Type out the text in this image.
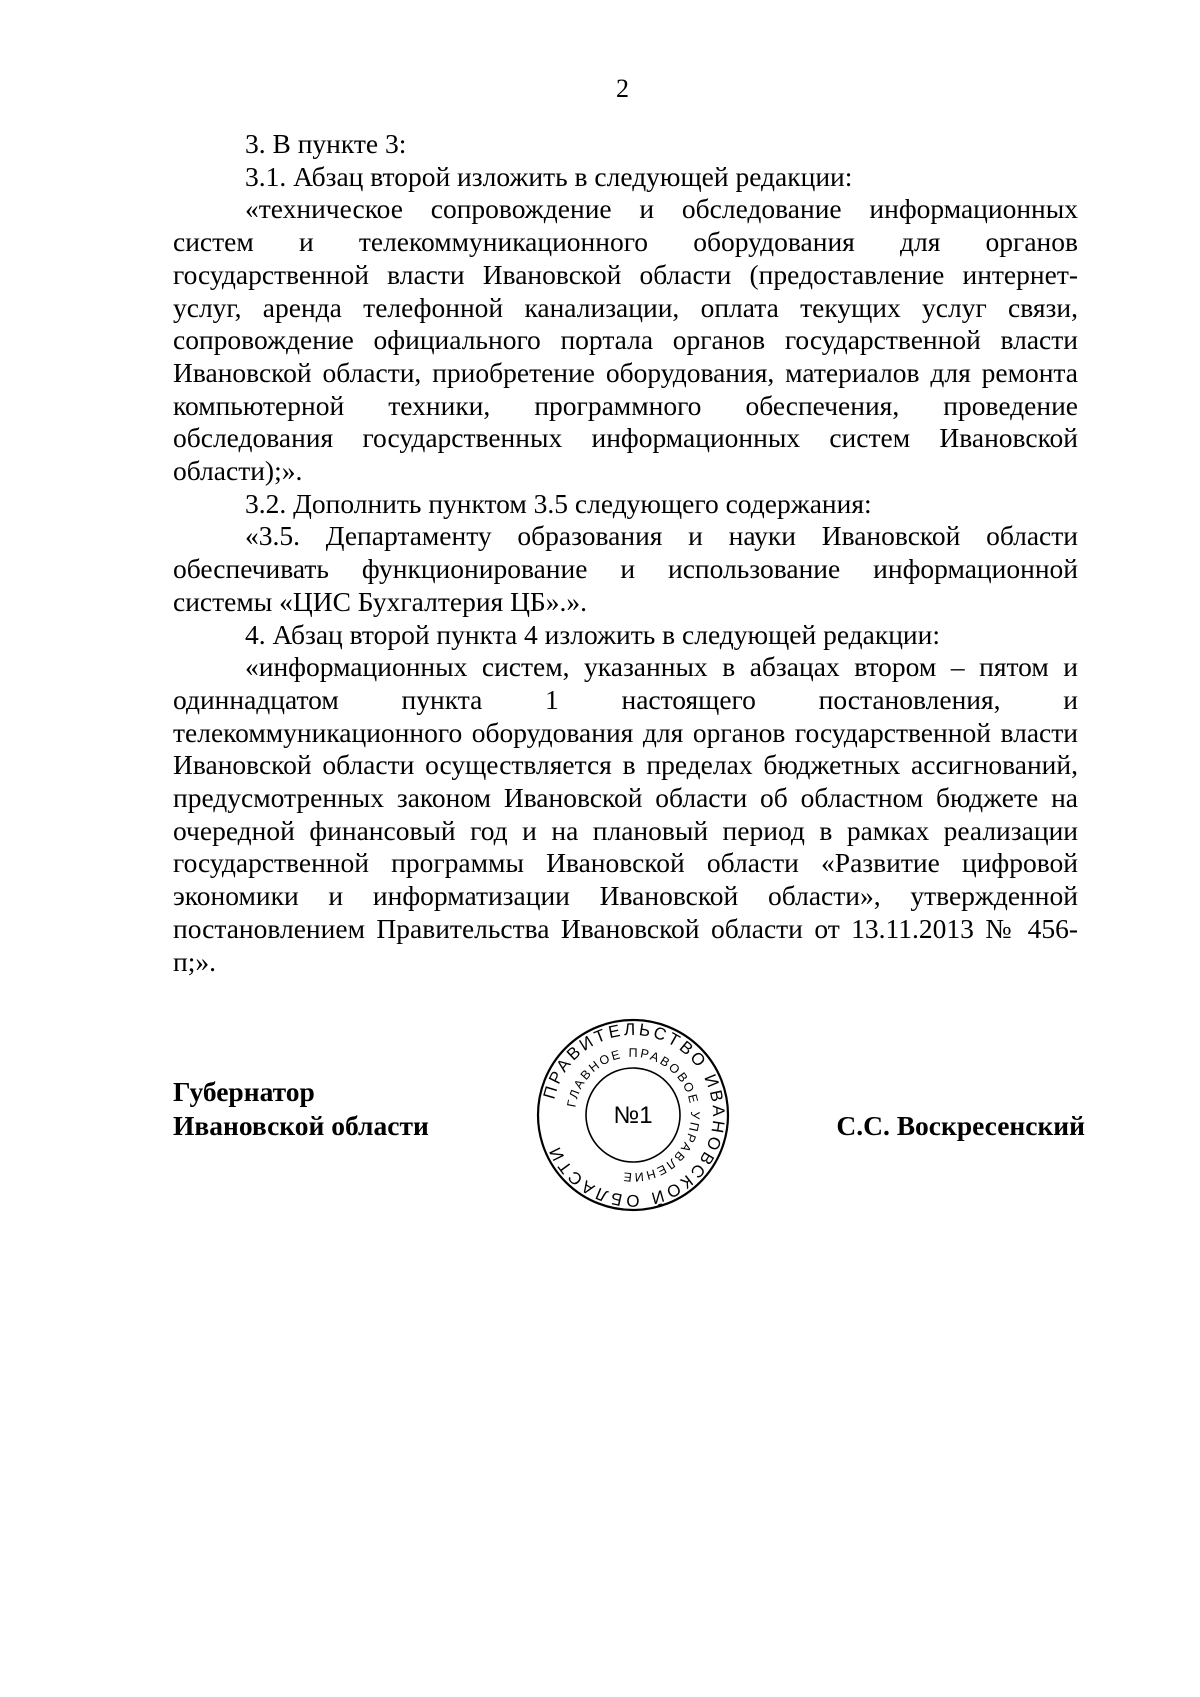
2

3. В пункте 3:

3.1. Абзац второй изложить в следующей редакции:

«техническое сопровождение и обследование информационных систем и телекоммуникационного оборудования для органов государственной власти Ивановской области (предоставление интернет-услуг, аренда телефонной канализации, оплата текущих услуг связи, сопровождение официального портала органов государственной власти Ивановской области, приобретение оборудования, материалов для ремонта компьютерной техники, программного обеспечения, проведение обследования государственных информационных систем Ивановской области);».

3.2. Дополнить пунктом 3.5 следующего содержания:

«3.5. Департаменту образования и науки Ивановской области обеспечивать функционирование и использование информационной системы «ЦИС Бухгалтерия ЦБ».».

4. Абзац второй пункта 4 изложить в следующей редакции:

«информационных систем, указанных в абзацах втором – пятом и одиннадцатом пункта 1 настоящего постановления, и телекоммуникационного оборудования для органов государственной власти Ивановской области осуществляется в пределах бюджетных ассигнований, предусмотренных законом Ивановской области об областном бюджете на очередной финансовый год и на плановый период в рамках реализации государственной программы Ивановской области «Развитие цифровой экономики и информатизации Ивановской области», утвержденной постановлением Правительства Ивановской области от 13.11.2013 № 456-п;».

Губернатор
Ивановской области	С.С. Воскресенский
ПРАВИТЕЛЬСТВО ИВАНОВСКОЙ ОБЛАСТИ
ГЛАВНОЕ ПРАВОВОЕ УПРАВЛЕНИЕ
№1
